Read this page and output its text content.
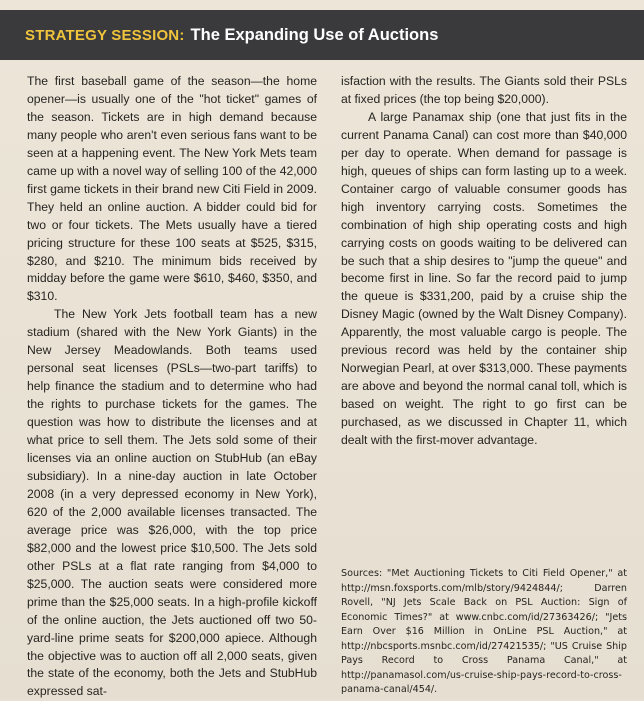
STRATEGY SESSION: The Expanding Use of Auctions

The first baseball game of the season—the home opener—is usually one of the "hot ticket" games of the season. Tickets are in high demand because many people who aren't even serious fans want to be seen at a happening event. The New York Mets team came up with a novel way of selling 100 of the 42,000 first game tickets in their brand new Citi Field in 2009. They held an online auction. A bidder could bid for two or four tickets. The Mets usually have a tiered pricing structure for these 100 seats at $525, $315, $280, and $210. The minimum bids received by midday before the game were $610, $460, $350, and $310.

The New York Jets football team has a new stadium (shared with the New York Giants) in the New Jersey Meadowlands. Both teams used personal seat licenses (PSLs—two-part tariffs) to help finance the stadium and to determine who had the rights to purchase tickets for the games. The question was how to distribute the licenses and at what price to sell them. The Jets sold some of their licenses via an online auction on StubHub (an eBay subsidiary). In a nine-day auction in late October 2008 (in a very depressed economy in New York), 620 of the 2,000 available licenses transacted. The average price was $26,000, with the top price $82,000 and the lowest price $10,500. The Jets sold other PSLs at a flat rate ranging from $4,000 to $25,000. The auction seats were considered more prime than the $25,000 seats. In a high-profile kickoff of the online auction, the Jets auctioned off two 50-yard-line prime seats for $200,000 apiece. Although the objective was to auction off all 2,000 seats, given the state of the economy, both the Jets and StubHub expressed sat-

isfaction with the results. The Giants sold their PSLs at fixed prices (the top being $20,000).

A large Panamax ship (one that just fits in the current Panama Canal) can cost more than $40,000 per day to operate. When demand for passage is high, queues of ships can form lasting up to a week. Container cargo of valuable consumer goods has high inventory carrying costs. Sometimes the combination of high ship operating costs and high carrying costs on goods waiting to be delivered can be such that a ship desires to "jump the queue" and become first in line. So far the record paid to jump the queue is $331,200, paid by a cruise ship the Disney Magic (owned by the Walt Disney Company). Apparently, the most valuable cargo is people. The previous record was held by the container ship Norwegian Pearl, at over $313,000. These payments are above and beyond the normal canal toll, which is based on weight. The right to go first can be purchased, as we discussed in Chapter 11, which dealt with the first-mover advantage.

Sources: "Met Auctioning Tickets to Citi Field Opener," at http://msn.foxsports.com/mlb/story/9424844/; Darren Rovell, "NJ Jets Scale Back on PSL Auction: Sign of Economic Times?" at www.cnbc.com/id/27363426/; "Jets Earn Over $16 Million in OnLine PSL Auction," at http://nbcsports.msnbc.com/id/27421535/; "US Cruise Ship Pays Record to Cross Panama Canal," at http://panamasol.com/us-cruise-ship-pays-record-to-cross-panama-canal/454/.
